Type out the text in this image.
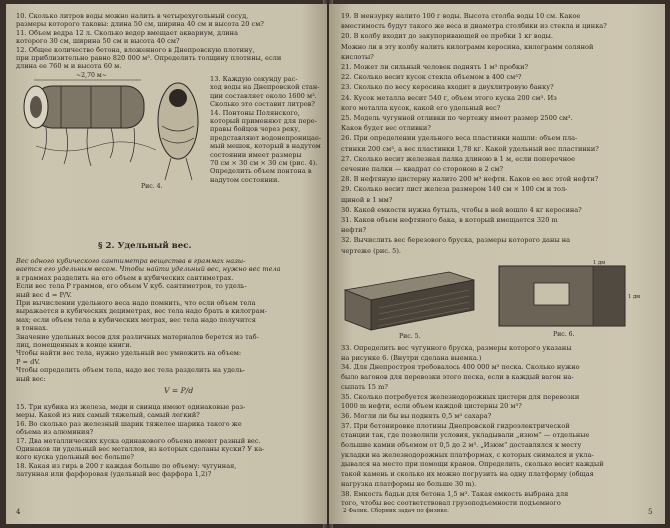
10. Сколько литров воды можно налить в четырехугольный сосуд,
размеры которого таковы: длина 50 см, ширина 40 см и высота 20 см?
11. Объем ведра 12 л. Сколько ведер вмещает аквариум, длина
которого 30 см, ширина 50 см и высота 40 см?
12. Общее количество бетона, вложенного в Днепровскую плотину,
при приблизительно равно 820 000 м³. Определить толщину плотины, если
длина ее 760 м и высота 60 м.
~2,70 м~
Рис. 4.
13. Каждую секунду рас-
ход воды на Днепровской стан-
ции составляет около 1600 м³.
Сколько это составит литров?
14. Понтоны Полянского,
который применяют для пере-
правы бойцов через реку,
представляют водонепроницае-
мый мешок, который в надутом
состоянии имеет размеры
70 см × 30 см × 30 см (рис. 4).
Определить объем понтона в
надутом состоянии.
§ 2. Удельный вес.
Вес одного кубического сантиметра вещества в граммах назы-
вается его удельным весом. Чтобы найти удельный вес, нужно вес тела
в граммах разделить на его объем в кубических сантиметрах.
Если вес тела P граммов, его объем V куб. сантиметров, то удель-
ный вес d = P/V.
При вычислении удельного веса надо помнить, что если объем тела
выражается в кубических дециметрах, вес тела надо брать в килограм-
мах; если объем тела в кубических метрах, вес тела надо получится
в тоннах.
Значение удельных весов для различных материалов берется из таб-
лиц, помещенных в конце книги.
Чтобы найти вес тела, нужно удельный вес умножить на объем:
P = dV.
Чтобы определить объем тела, надо вес тела разделить на удель-
ный вес:
V = P/d
15. Три кубика из железа, меди и свинца имеют одинаковые раз-
меры. Какой из них самый тяжелый, самый легкий?
16. Во сколько раз железный шарик тяжелее шарика такого же
объема из алюминия?
17. Два металлических куска одинакового объема имеют разный вес.
Одинаков ли удельный вес металлов, из которых сделаны куски? У ка-
кого куска удельный вес больше?
18. Какая из гирь в 200 г каждая больше по объему: чугунная,
латунная или фарфоровая (удельный вес фарфора 1,2)?
4
19. В мензурку налито 100 г воды. Высота столба воды 10 см. Какое
вместимость будут такого же веса и диаметра столбики из стекла и цинка?
20. В колбу входит до закупоривающей ее пробки 1 кг воды.
Можно ли в эту колбу налить килограмм керосина, килограмм соляной
кислоты?
21. Может ли сильный человек поднять 1 м³ пробки?
22. Сколько весит кусок стекла объемом в 400 см³?
23. Сколько по весу керосина входит в двухлитровую банку?
24. Кусок металла весит 540 г, объем этого куска 200 см³. Из
кого металла кусок, какой его удельный вес?
25. Модель чугунной отливки по чертежу имеет размер 2500 см³.
Каков будет вес отливки?
26. При определении удельного веса пластинки нашли: объем пла-
стинки 200 см³, а вес пластинки 1,78 кг. Какой удельный вес пластинки?
27. Сколько весит железная палка длиною в 1 м, если поперечное
сечение палки — квадрат со стороною в 2 см?
28. В нефтяную цистерну налито 200 м³ нефти. Каков ее вес этой нефти?
29. Сколько весит лист железа размером 140 см × 100 см и тол-
щиной в 1 мм?
30. Какой емкости нужна бутыль, чтобы в ней вошло 4 кг керосина?
31. Каков объем нефтяного бака, в который вмещается 320 m
нефти?
32. Вычислить вес березового бруска, размеры которого даны на
чертеже (рис. 5).
Рис. 5.
1 дм
1 дм
Рис. 6.
33. Определить вес чугунного бруска, размеры которого указаны
на рисунке 6. (Внутри сделана выемка.)
34. Для Днепростроя требовалось 400 000 м³ песка. Сколько нужно
было вагонов для перевозки этого песка, если в каждый вагон на-
сыпать 15 m?
35. Сколько потребуется железнодорожных цистерн для перевозки
1000 m нефти, если объем каждой цистерны 20 м³?
36. Могли ли бы вы поднять 0,5 м³ сахара?
37. При бетонировке плотины Днепровской гидроэлектрической
станции так, где позволили условия, укладывали „изюм“ — отдельные
большие камни объемом от 0,5 до 2 м³. „Изюм“ доставлялся к месту
укладки на железнодорожных платформах, с которых снимался и укла-
дывался на место при помощи кранов. Определить, сколько весит каждый
такой камень и сколько их можно погрузить на одну платформу (общая
нагрузка платформы не больше 30 m).
38. Емкость бадьи для бетона 1,5 м³. Такая емкость выбрана для
того, чтобы вес соответствовал грузоподъемности подъемного
2 Фалик. Сборник задач по физике.	5
